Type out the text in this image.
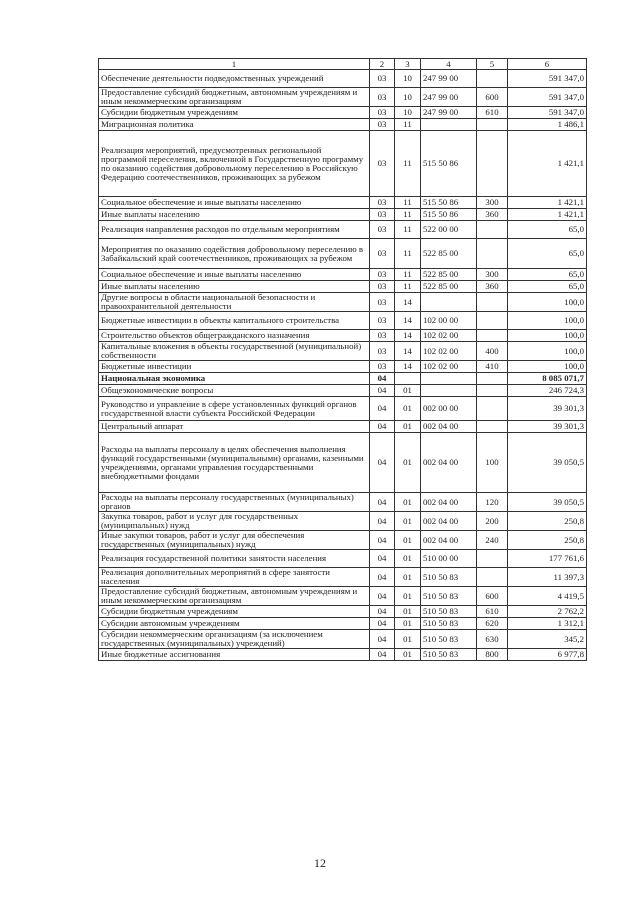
1	2	3	4	5	6
Обеспечение деятельности подведомственных учреждений	03	10	247 99 00		591 347,0
Предоставление субсидий бюджетным, автономным учреждениям и иным некоммерческим организациям	03	10	247 99 00	600	591 347,0
Субсидии бюджетным учреждениям	03	10	247 99 00	610	591 347,0
Миграционная политика	03	11			1 486,1
Реализация мероприятий, предусмотренных региональной программой переселения, включенной в Государственную программу по оказанию содействия добровольному переселению в Российскую Федерацию соотечественников, проживающих за рубежом	03	11	515 50 86		1 421,1
Социальное обеспечение и иные выплаты населению	03	11	515 50 86	300	1 421,1
Иные выплаты населению	03	11	515 50 86	360	1 421,1
Реализация направления расходов по отдельным мероприятиям	03	11	522 00 00		65,0
Мероприятия по оказанию содействия добровольному переселению в Забайкальский край соотечественников, проживающих за рубежом	03	11	522 85 00		65,0
Социальное обеспечение и иные выплаты населению	03	11	522 85 00	300	65,0
Иные выплаты населению	03	11	522 85 00	360	65,0
Другие вопросы в области национальной безопасности и правоохранительной деятельности	03	14			100,0
Бюджетные инвестиции в объекты капитального строительства	03	14	102 00 00		100,0
Строительство объектов общегражданского назначения	03	14	102 02 00		100,0
Капитальные вложения в объекты государственной (муниципальной) собственности	03	14	102 02 00	400	100,0
Бюджетные инвестиции	03	14	102 02 00	410	100,0
Национальная экономика	04				8 085 071,7
Общеэкономические вопросы	04	01			246 724,3
Руководство и управление в сфере установленных функций органов государственной власти субъекта Российской Федерации	04	01	002 00 00		39 301,3
Центральный аппарат	04	01	002 04 00		39 301,3
Расходы на выплаты персоналу в целях обеспечения выполнения функций государственными (муниципальными) органами, казенными учреждениями, органами управления государственными внебюджетными фондами	04	01	002 04 00	100	39 050,5
Расходы на выплаты персоналу государственных (муниципальных) органов	04	01	002 04 00	120	39 050,5
Закупка товаров, работ и услуг для государственных (муниципальных) нужд	04	01	002 04 00	200	250,8
Иные закупки товаров, работ и услуг для обеспечения государственных (муниципальных) нужд	04	01	002 04 00	240	250,8
Реализация государственной политики занятости населения	04	01	510 00 00		177 761,6
Реализация дополнительных мероприятий в сфере занятости населения	04	01	510 50 83		11 397,3
Предоставление субсидий бюджетным, автономным учреждениям и иным некоммерческим организациям	04	01	510 50 83	600	4 419,5
Субсидии бюджетным учреждениям	04	01	510 50 83	610	2 762,2
Субсидии автономным учреждениям	04	01	510 50 83	620	1 312,1
Субсидии некоммерческим организациям (за исключением государственных (муниципальных) учреждений)	04	01	510 50 83	630	345,2
Иные бюджетные ассигнования	04	01	510 50 83	800	6 977,8
12
